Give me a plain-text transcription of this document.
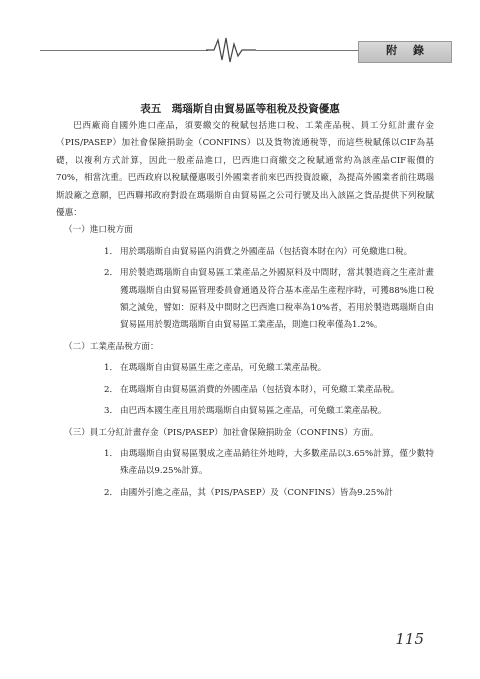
附 錄
表五　瑪瑙斯自由貿易區等租稅及投資優惠

巴西廠商自國外進口產品，須要繳交的稅賦包括進口稅、工業產品稅、員工分紅計畫存金（PIS/PASEP）加社會保險捐助金（CONFINS）以及貨物流通稅等，而這些稅賦係以CIF為基礎，以複利方式計算，因此一般產品進口，巴西進口商繳交之稅賦通常約為該產品CIF報價的70%，相當沈重。巴西政府以稅賦優惠吸引外國業者前來巴西投資設廠，為提高外國業者前往瑪瑙斯設廠之意願，巴西聯邦政府對設在瑪瑙斯自由貿易區之公司行號及出入該區之貨品提供下列稅賦優惠：

（一）進口稅方面

1． 用於瑪瑙斯自由貿易區內消費之外國產品（包括資本財在內）可免繳進口稅。
2． 用於製造瑪瑙斯自由貿易區工業產品之外國原料及中間財，當其製造商之生產計畫獲瑪瑙斯自由貿易區管理委員會通過及符合基本產品生產程序時，可獲88%進口稅額之減免，譬如：原料及中間財之巴西進口稅率為10%者，若用於製造瑪瑙斯自由貿易區用於製造瑪瑙斯自由貿易區工業產品，則進口稅率僅為1.2%。

（二）工業產品稅方面：

1． 在瑪瑙斯自由貿易區生產之產品，可免繳工業產品稅。
2． 在瑪瑙斯自由貿易區消費的外國產品（包括資本財），可免繳工業產品稅。
3． 由巴西本國生產且用於瑪瑙斯自由貿易區之產品，可免繳工業產品稅。

（三）員工分紅計畫存金（PIS/PASEP）加社會保險捐助金（CONFINS）方面。

1． 由瑪瑙斯自由貿易區製成之產品銷往外地時，大多數產品以3.65%計算，僅少數特殊產品以9.25%計算。
2． 由國外引進之產品，其（PIS/PASEP）及（CONFINS）皆為9.25%計
115
